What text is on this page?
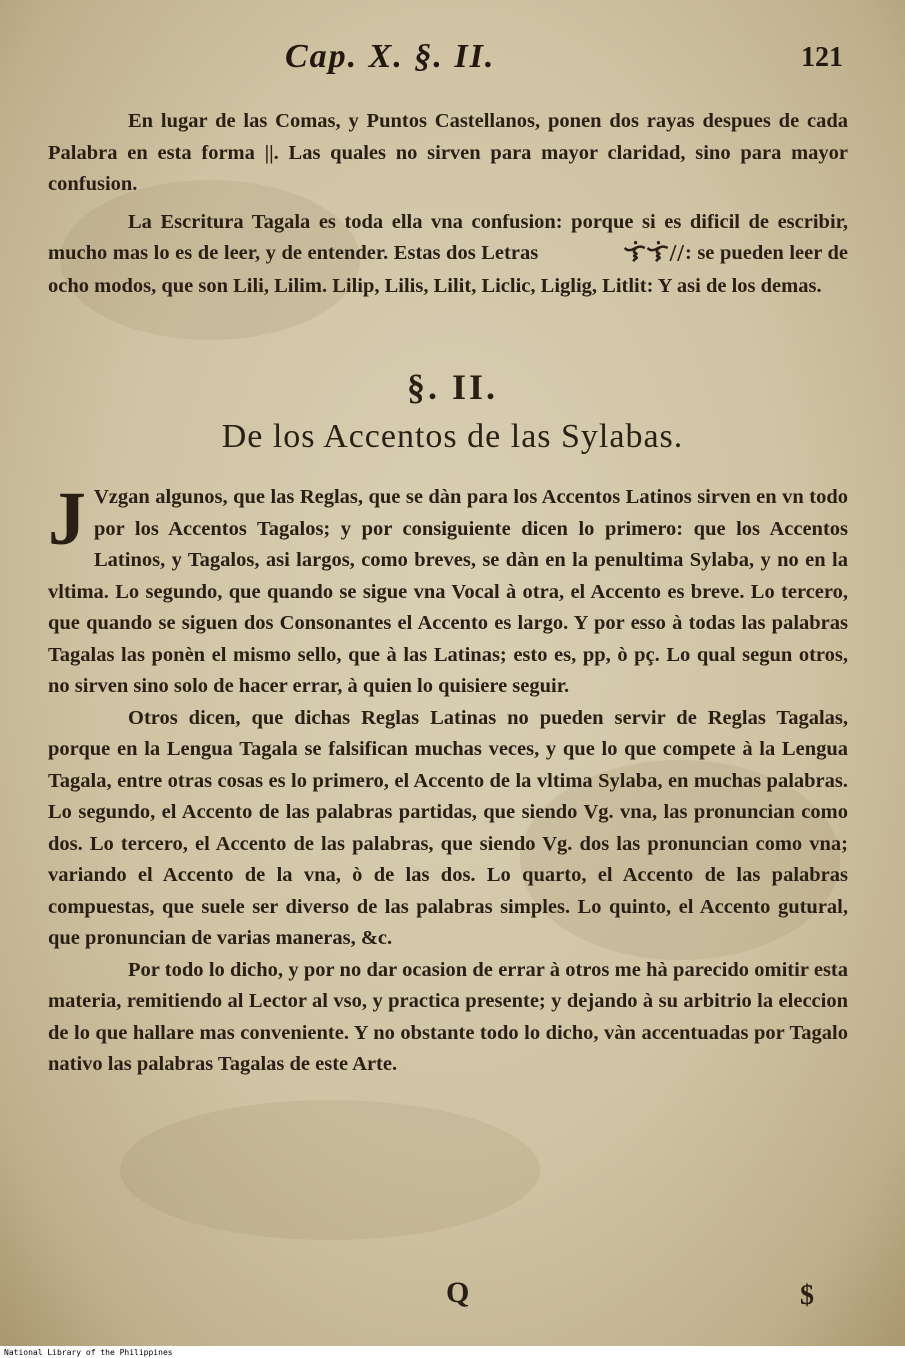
Cap. X. §. II.	121

En lugar de las Comas, y Puntos Castellanos, ponen dos rayas despues de cada Palabra en esta forma ||. Las quales no sirven para mayor claridad, sino para mayor confusion.

La Escritura Tagala es toda ella vna confusion: porque si es dificil de escribir, mucho mas lo es de leer, y de entender. Estas dos Letras	ᜎᜒᜎᜒ//: se pueden leer de ocho modos, que son Lili, Lilim. Lilip, Lilis, Lilit, Liclic, Liglig, Litlit: Y asi de los demas.

§. II.
De los Accentos de las Sylabas.
J Vzgan algunos, que las Reglas, que se dàn para los Accentos Latinos sirven en vn todo por los Accentos Tagalos; y por consiguiente dicen lo primero: que los Accentos Latinos, y Tagalos, asi largos, como breves, se dàn en la penultima Sylaba, y no en la vltima. Lo segundo, que quando se sigue vna Vocal à otra, el Accento es breve. Lo tercero, que quando se siguen dos Consonantes el Accento es largo. Y por esso à todas las palabras Tagalas las ponèn el mismo sello, que à las Latinas; esto es, pp, ò pç. Lo qual segun otros, no sirven sino solo de hacer errar, à quien lo quisiere seguir.

Otros dicen, que dichas Reglas Latinas no pueden servir de Reglas Tagalas, porque en la Lengua Tagala se falsifican muchas veces, y que lo que compete à la Lengua Tagala, entre otras cosas es lo primero, el Accento de la vltima Sylaba, en muchas palabras. Lo segundo, el Accento de las palabras partidas, que siendo Vg. vna, las pronuncian como dos. Lo tercero, el Accento de las palabras, que siendo Vg. dos las pronuncian como vna; variando el Accento de la vna, ò de las dos. Lo quarto, el Accento de las palabras compuestas, que suele ser diverso de las palabras simples. Lo quinto, el Accento gutural, que pronuncian de varias maneras, &c.

Por todo lo dicho, y por no dar ocasion de errar à otros me hà parecido omitir esta materia, remitiendo al Lector al vso, y practica presente; y dejando à su arbitrio la eleccion de lo que hallare mas conveniente. Y no obstante todo lo dicho, vàn accentuadas por Tagalo nativo las palabras Tagalas de este Arte.

Q	$
National Library of the Philippines
